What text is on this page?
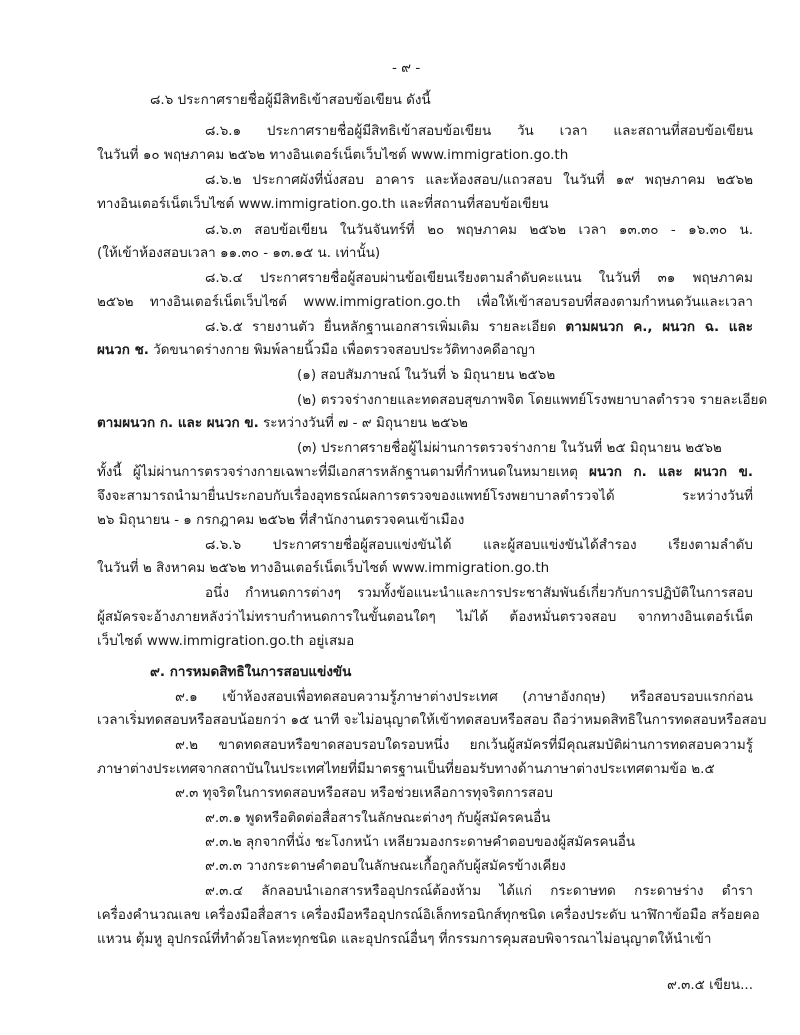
- ๙ -
๘.๖ ประกาศรายชื่อผู้มีสิทธิเข้าสอบข้อเขียน ดังนี้
๘.๖.๑ ประกาศรายชื่อผู้มีสิทธิเข้าสอบข้อเขียน วัน เวลา และสถานที่สอบข้อเขียน
ในวันที่ ๑๐ พฤษภาคม ๒๕๖๒ ทางอินเตอร์เน็ตเว็บไซต์ www.immigration.go.th
๘.๖.๒ ประกาศผังที่นั่งสอบ อาคาร และห้องสอบ/แถวสอบ ในวันที่ ๑๙ พฤษภาคม ๒๕๖๒
ทางอินเตอร์เน็ตเว็บไซต์ www.immigration.go.th และที่สถานที่สอบข้อเขียน
๘.๖.๓ สอบข้อเขียน ในวันจันทร์ที่ ๒๐ พฤษภาคม ๒๕๖๒ เวลา ๑๓.๓๐ - ๑๖.๓๐ น.
(ให้เข้าห้องสอบเวลา ๑๑.๓๐ - ๑๓.๑๕ น. เท่านั้น)
๘.๖.๔ ประกาศรายชื่อผู้สอบผ่านข้อเขียนเรียงตามลำดับคะแนน ในวันที่ ๓๑ พฤษภาคม
๒๕๖๒ ทางอินเตอร์เน็ตเว็บไซต์ www.immigration.go.th เพื่อให้เข้าสอบรอบที่สองตามกำหนดวันและเวลา
๘.๖.๕ รายงานตัว ยื่นหลักฐานเอกสารเพิ่มเติม รายละเอียด ตามผนวก ค., ผนวก ฉ. และ
ผนวก ช. วัดขนาดร่างกาย พิมพ์ลายนิ้วมือ เพื่อตรวจสอบประวัติทางคดีอาญา
(๑) สอบสัมภาษณ์ ในวันที่ ๖ มิถุนายน ๒๕๖๒
(๒) ตรวจร่างกายและทดสอบสุขภาพจิต โดยแพทย์โรงพยาบาลตำรวจ รายละเอียด
ตามผนวก ก. และ ผนวก ข. ระหว่างวันที่ ๗ - ๙ มิถุนายน ๒๕๖๒
(๓) ประกาศรายชื่อผู้ไม่ผ่านการตรวจร่างกาย ในวันที่ ๒๕ มิถุนายน ๒๕๖๒
ทั้งนี้ ผู้ไม่ผ่านการตรวจร่างกายเฉพาะที่มีเอกสารหลักฐานตามที่กำหนดในหมายเหตุ ผนวก ก. และ ผนวก ข.
จึงจะสามารถนำมายื่นประกอบกับเรื่องอุทธรณ์ผลการตรวจของแพทย์โรงพยาบาลตำรวจได้ ระหว่างวันที่
๒๖ มิถุนายน - ๑ กรกฎาคม ๒๕๖๒ ที่สำนักงานตรวจคนเข้าเมือง
๘.๖.๖ ประกาศรายชื่อผู้สอบแข่งขันได้ และผู้สอบแข่งขันได้สำรอง เรียงตามลำดับ
ในวันที่ ๒ สิงหาคม ๒๕๖๒ ทางอินเตอร์เน็ตเว็บไซต์ www.immigration.go.th
อนึ่ง กำหนดการต่างๆ รวมทั้งข้อแนะนำและการประชาสัมพันธ์เกี่ยวกับการปฏิบัติในการสอบ
ผู้สมัครจะอ้างภายหลังว่าไม่ทราบกำหนดการในขั้นตอนใดๆ ไม่ได้ ต้องหมั่นตรวจสอบ จากทางอินเตอร์เน็ต
เว็บไซต์ www.immigration.go.th อยู่เสมอ
๙. การหมดสิทธิในการสอบแข่งขัน
๙.๑ เข้าห้องสอบเพื่อทดสอบความรู้ภาษาต่างประเทศ (ภาษาอังกฤษ) หรือสอบรอบแรกก่อน
เวลาเริ่มทดสอบหรือสอบน้อยกว่า ๑๕ นาที จะไม่อนุญาตให้เข้าทดสอบหรือสอบ ถือว่าหมดสิทธิในการทดสอบหรือสอบ
๙.๒ ขาดทดสอบหรือขาดสอบรอบใดรอบหนึ่ง ยกเว้นผู้สมัครที่มีคุณสมบัติผ่านการทดสอบความรู้
ภาษาต่างประเทศจากสถาบันในประเทศไทยที่มีมาตรฐานเป็นที่ยอมรับทางด้านภาษาต่างประเทศตามข้อ ๒.๕
๙.๓ ทุจริตในการทดสอบหรือสอบ หรือช่วยเหลือการทุจริตการสอบ
๙.๓.๑ พูดหรือติดต่อสื่อสารในลักษณะต่างๆ กับผู้สมัครคนอื่น
๙.๓.๒ ลุกจากที่นั่ง ชะโงกหน้า เหลียวมองกระดาษคำตอบของผู้สมัครคนอื่น
๙.๓.๓ วางกระดาษคำตอบในลักษณะเกื้อกูลกับผู้สมัครข้างเคียง
๙.๓.๔ ลักลอบนำเอกสารหรืออุปกรณ์ต้องห้าม ได้แก่ กระดาษทด กระดาษร่าง ตำรา
เครื่องคำนวณเลข เครื่องมือสื่อสาร เครื่องมือหรืออุปกรณ์อิเล็กทรอนิกส์ทุกชนิด เครื่องประดับ นาฬิกาข้อมือ สร้อยคอ
แหวน ตุ้มหู อุปกรณ์ที่ทำด้วยโลหะทุกชนิด และอุปกรณ์อื่นๆ ที่กรรมการคุมสอบพิจารณาไม่อนุญาตให้นำเข้า
๙.๓.๕ เขียน...
